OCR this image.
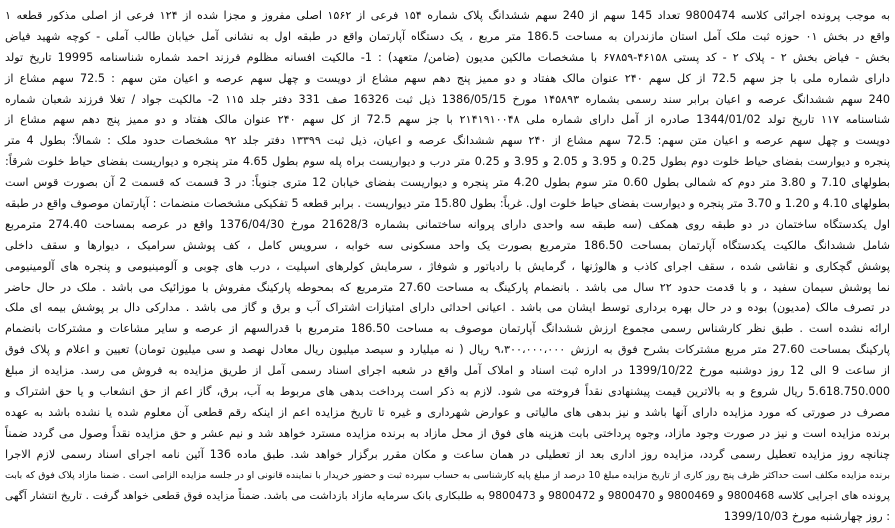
به موجب پرونده اجرائی کلاسه 9800474 تعداد 145 سهم از 240 سهم ششدانگ پلاک شماره ۱۵۴ فرعی از ۱۵۶۲ اصلی مفروز و مجزا شده از ۱۲۴ فرعی از اصلی مذکور قطعه ۱
واقع در بخش ۰۱ حوزه ثبت ملک آمل استان مازندران به مساحت 186.5 متر مربع ، یک دستگاه آپارتمان واقع در طبقه اول به نشانی آمل خیابان طالب آملی - کوچه شهید فیاض
بخش - فیاض بخش ۲ - پلاک ۲ - کد پستی ۴۶۱۵۸-۶۷۸۵۹ با مشخصات مالکین مدیون (ضامن/ متعهد) : 1- مالکیت افسانه مظلوم فرزند احمد شماره شناسنامه 19995 تاریخ تولد
دارای شماره ملی با جز سهم 72.5 از کل سهم ۲۴۰ عنوان مالک هفتاد و دو ممیز پنج دهم سهم مشاع از دویست و چهل سهم عرصه و اعیان متن سهم : 72.5 سهم مشاع از
240 سهم ششدانگ عرصه و اعیان برابر سند رسمی بشماره ۱۴۵۸۹۳ مورخ 1386/05/15 ذیل ثبت 16326 صف 331 دفتر جلد ۱۱۵ 2- مالکیت جواد / تغلا فرزند شعبان شماره
شناسنامه ۱۱۷ تاریخ تولد 1344/01/02 صادره از آمل دارای شماره ملی ۲۱۴۱۹۱۰۰۴۸ با جز سهم 72.5 از کل سهم ۲۴۰ عنوان مالک هفتاد و دو ممیز پنج دهم سهم مشاع از
دویست و چهل سهم عرصه و اعیان متن سهم: 72.5 سهم مشاع از ۲۴۰ سهم ششدانگ عرصه و اعیان، ذیل ثبت ۱۳۳۹۹ دفتر جلد ۹۲ مشخصات حدود ملک : شمالاً: بطول 4 متر
پنجره و دیوارست بفضای حیاط خلوت دوم بطول 0.25 و 3.95 و 2.05 و 3.95 و 0.25 متر درب و دیواریست براه پله سوم بطول 4.65 متر پنجره و دیواریست بفضای حیاط خلوت شرقاً:
بطولهای 7.10 و 3.80 متر دوم که شمالی بطول 0.60 متر سوم بطول 4.20 متر پنجره و دیواریست بفضای خیابان 12 متری جنوباً: در 3 قسمت که قسمت 2 آن بصورت قوس است
بطولهای 4.10 و 1.20 و 3.70 متر پنجره و دیوارست بفضای حیاط خلوت اول. غرباً: بطول 15.80 متر دیواریست . برابر قطعه 5 تفکیکی مشخصات منضمات : آپارتمان موصوف واقع در طبقه
اول یکدستگاه ساختمان در دو طبقه روی همکف (سه طبقه سه واحدی دارای پروانه ساختمانی بشماره 21628/3 مورخ 1376/04/30 واقع در عرصه بمساحت 274.40 مترمربع
شامل ششدانگ مالکیت یکدستگاه آپارتمان بمساحت 186.50 مترمربع بصورت یک واحد مسکونی سه خوابه ، سرویس کامل ، کف پوشش سرامیک ، دیوارها و سقف داخلی
پوشش گچکاری و نقاشی شده ، سقف اجرای کاذب و هالوژنها ، گرمایش با رادیاتور و شوفاژ ، سرمایش کولرهای اسپلیت ، درب های چوبی و آلومینیومی و پنجره های آلومینیومی
نما پوشش سیمان سفید ، و با قدمت حدود ۲۲ سال می باشد . بانضمام پارکینگ به مساحت 27.60 مترمربع که بمحوطه پارکینگ مفروش با موزائیک می باشد . ملک در حال حاضر
در تصرف مالک (مدیون) بوده و در حال بهره برداری توسط ایشان می باشد . اعیانی احداثی دارای امتیازات اشتراک آب و برق و گاز می باشد . مدارکی دال بر پوشش بیمه ای ملک
ارائه نشده است . طبق نظر کارشناس رسمی مجموع ارزش ششدانگ آپارتمان موصوف به مساحت 186.50 مترمربع با قدرالسهم از عرصه و سایر مشاعات و مشترکات بانضمام
پارکینگ بمساحت 27.60 متر مربع مشترکات بشرح فوق به ارزش ۹،۳۰۰،۰۰۰،۰۰۰ ریال ( نه میلیارد و سیصد میلیون ریال معادل نهصد و سی میلیون تومان) تعیین و اعلام و پلاک فوق
از ساعت 9 الی 12 روز دوشنبه مورخ 1399/10/22 در اداره ثبت اسناد و املاک آمل واقع در شعبه اجرای اسناد رسمی آمل از طریق مزایده به فروش می رسد. مزایده از مبلغ
5.618.750.000 ریال شروع و به بالاترین قیمت پیشنهادی نقداً فروخته می شود. لازم به ذکر است پرداخت بدهی های مربوط به آب، برق، گاز اعم از حق انشعاب و یا حق اشتراک و
مصرف در صورتی که مورد مزایده دارای آنها باشد و نیز بدهی های مالیاتی و عوارض شهرداری و غیره تا تاریخ مزایده اعم از اینکه رقم قطعی آن معلوم شده یا نشده باشد به عهده
برنده مزایده است و نیز در صورت وجود مازاد، وجوه پرداختی بابت هزینه های فوق از محل مازاد به برنده مزایده مسترد خواهد شد و نیم عشر و حق مزایده نقداً وصول می گردد ضمناً
چنانچه روز مزایده تعطیل رسمی گردد، مزایده روز اداری بعد از تعطیلی در همان ساعت و مکان مقرر برگزار خواهد شد. طبق ماده 136 آئین نامه اجرای اسناد رسمی لازم الاجرا
برنده مزایده مکلف است حداکثر ظرف پنج روز کاری از تاریخ مزایده مبلغ 10 درصد از مبلغ پایه کارشناسی به حساب سپرده ثبت و حضور خریدار با نماینده قانونی او در جلسه مزایده الزامی است . ضمنا مازاد پلاک فوق که بابت
پرونده های اجرایی کلاسه 9800468 و 9800469 و 9800470 و 9800472 و 9800473 به طلبکاری بانک سرمایه مازاد بازداشت می باشد. ضمناً مزایده فوق قطعی خواهد گرفت . تاریخ انتشار آگهی
: روز چهارشنبه مورخ 1399/10/03
